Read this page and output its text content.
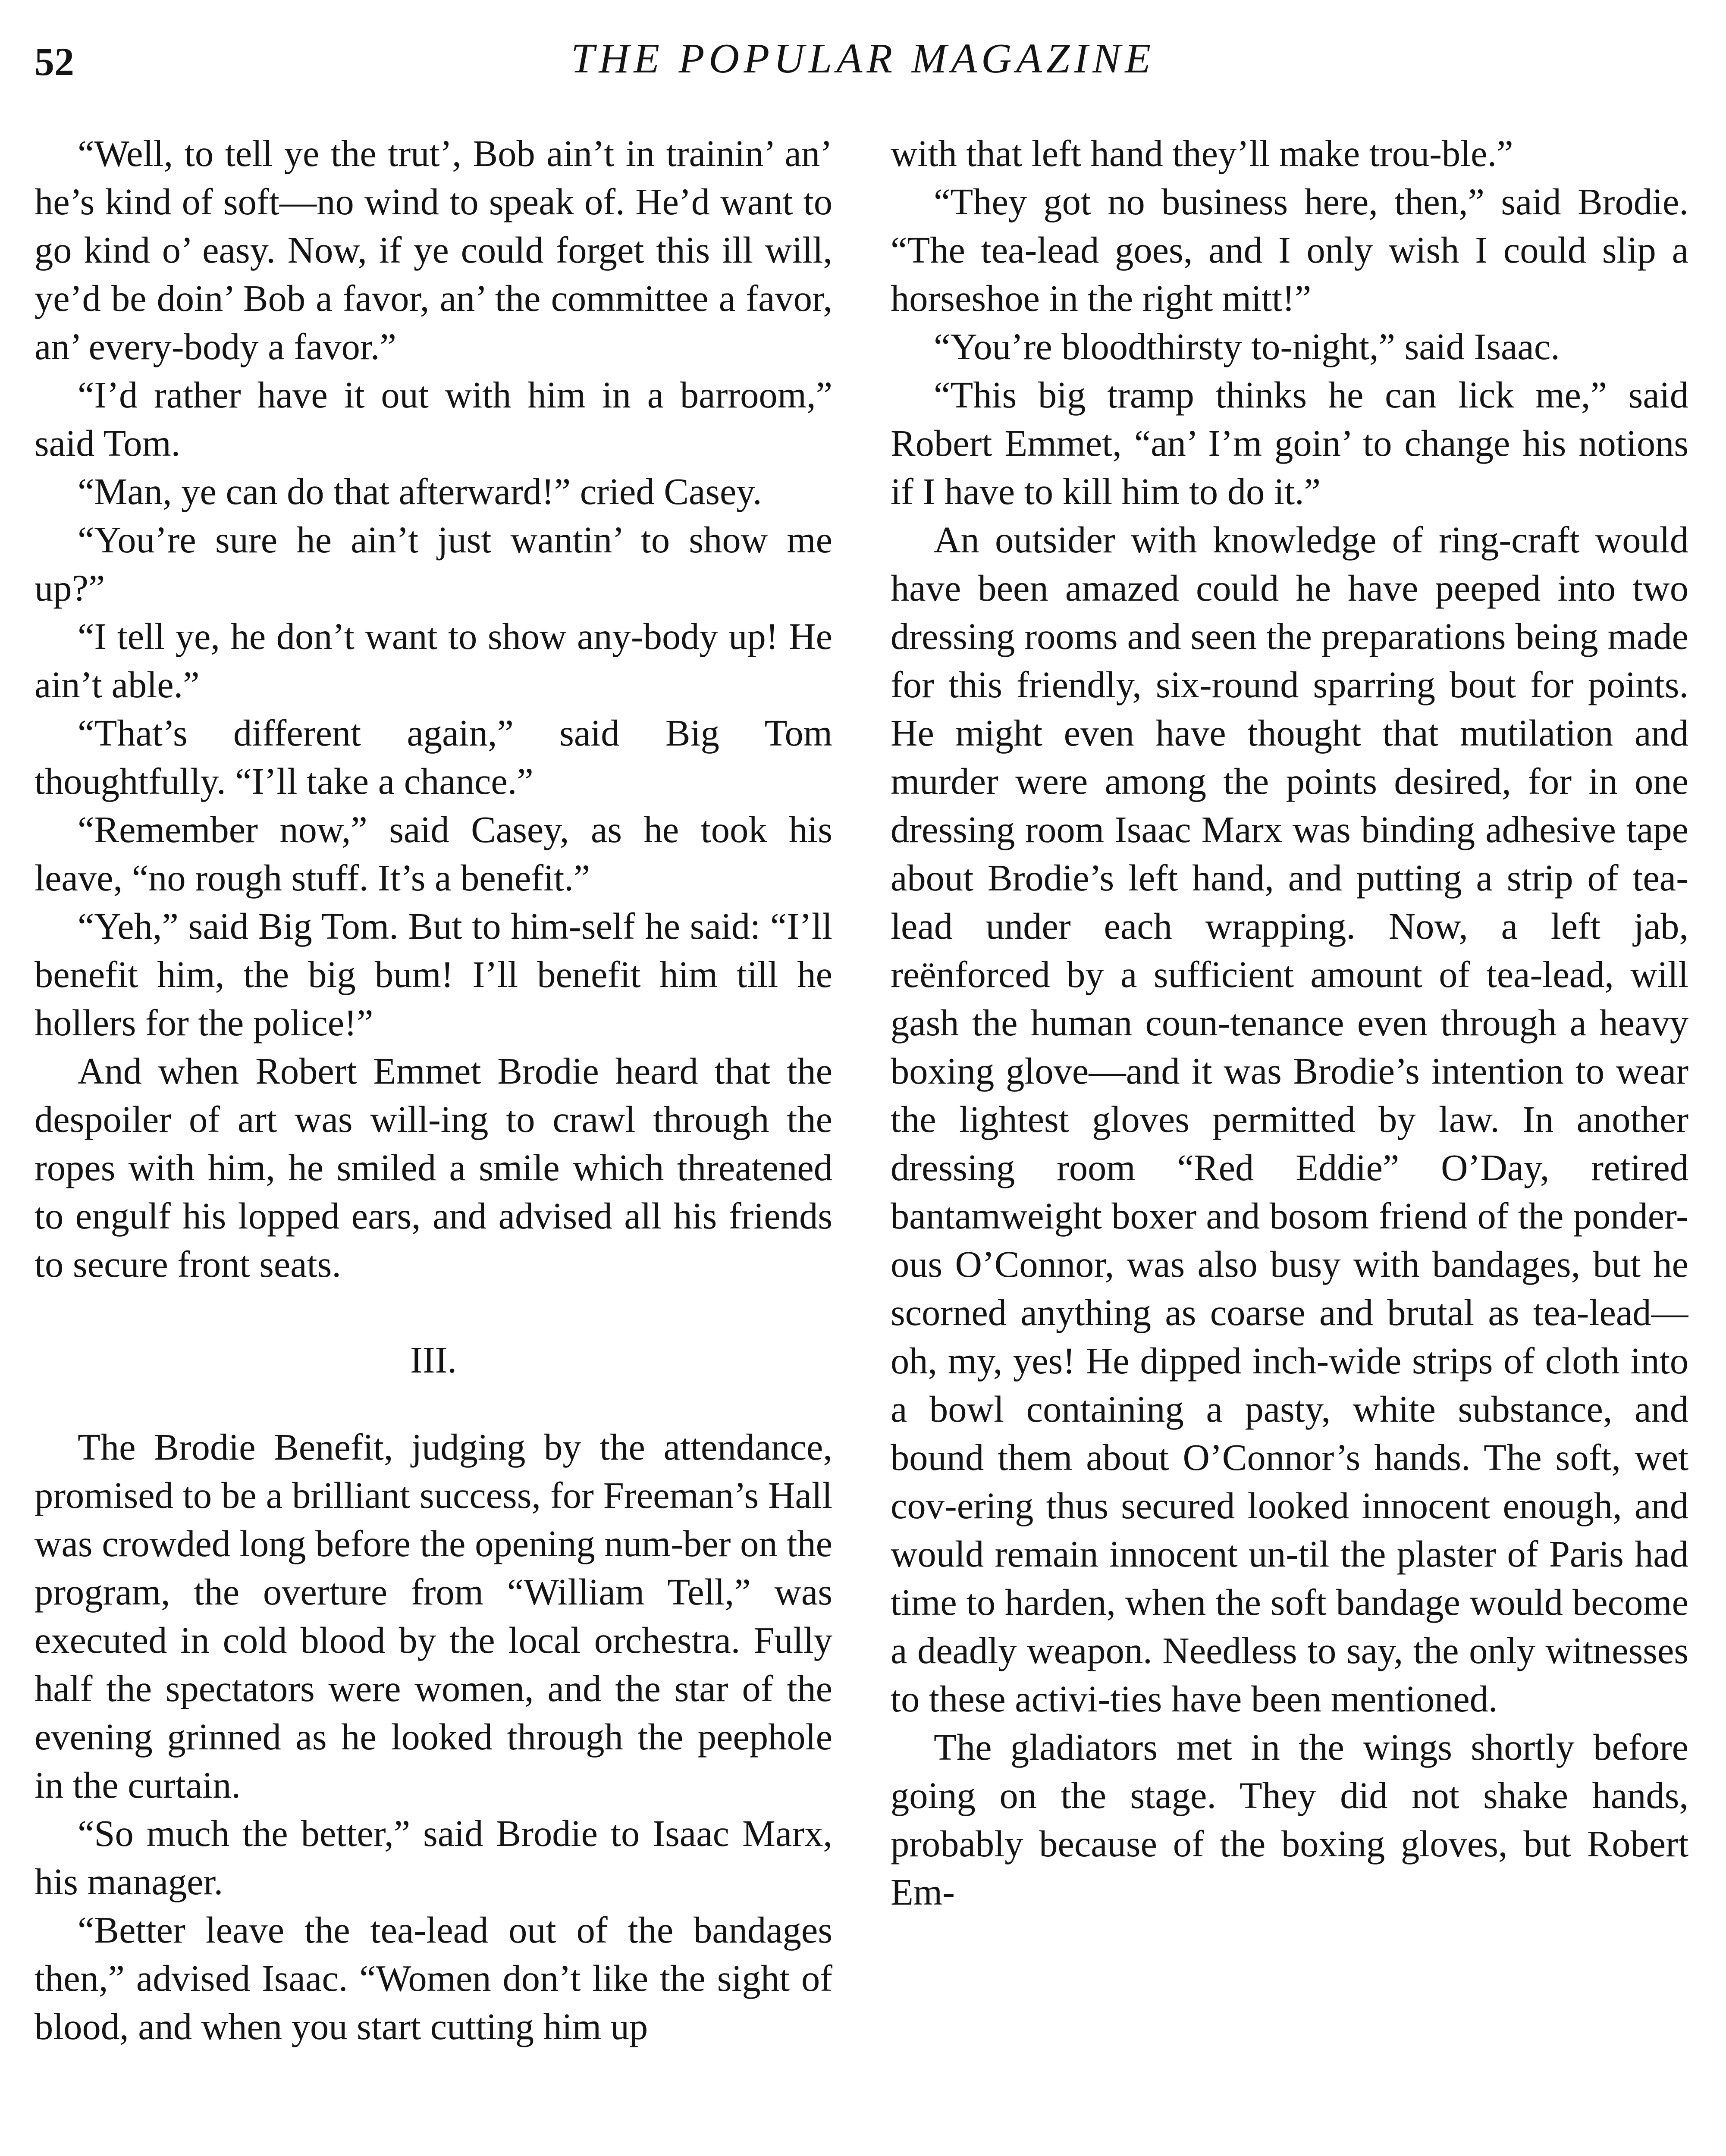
52	THE POPULAR MAGAZINE

“Well, to tell ye the trut’, Bob ain’t in trainin’ an’ he’s kind of soft—no wind to speak of. He’d want to go kind o’ easy. Now, if ye could forget this ill will, ye’d be doin’ Bob a favor, an’ the committee a favor, an’ every-body a favor.”

“I’d rather have it out with him in a barroom,” said Tom.

“Man, ye can do that afterward!” cried Casey.

“You’re sure he ain’t just wantin’ to show me up?”

“I tell ye, he don’t want to show any-body up! He ain’t able.”

“That’s different again,” said Big Tom thoughtfully. “I’ll take a chance.”

“Remember now,” said Casey, as he took his leave, “no rough stuff. It’s a benefit.”

“Yeh,” said Big Tom. But to him-self he said: “I’ll benefit him, the big bum! I’ll benefit him till he hollers for the police!”

And when Robert Emmet Brodie heard that the despoiler of art was will-ing to crawl through the ropes with him, he smiled a smile which threatened to engulf his lopped ears, and advised all his friends to secure front seats.

III.

The Brodie Benefit, judging by the attendance, promised to be a brilliant success, for Freeman’s Hall was crowded long before the opening num-ber on the program, the overture from “William Tell,” was executed in cold blood by the local orchestra. Fully half the spectators were women, and the star of the evening grinned as he looked through the peephole in the curtain.

“So much the better,” said Brodie to Isaac Marx, his manager.

“Better leave the tea-lead out of the bandages then,” advised Isaac. “Women don’t like the sight of blood, and when you start cutting him up

with that left hand they’ll make trou-ble.”

“They got no business here, then,” said Brodie. “The tea-lead goes, and I only wish I could slip a horseshoe in the right mitt!”

“You’re bloodthirsty to-night,” said Isaac.

“This big tramp thinks he can lick me,” said Robert Emmet, “an’ I’m goin’ to change his notions if I have to kill him to do it.”

An outsider with knowledge of ring-craft would have been amazed could he have peeped into two dressing rooms and seen the preparations being made for this friendly, six-round sparring bout for points. He might even have thought that mutilation and murder were among the points desired, for in one dressing room Isaac Marx was binding adhesive tape about Brodie’s left hand, and putting a strip of tea-lead under each wrapping. Now, a left jab, reënforced by a sufficient amount of tea-lead, will gash the human coun-tenance even through a heavy boxing glove—and it was Brodie’s intention to wear the lightest gloves permitted by law. In another dressing room “Red Eddie” O’Day, retired bantamweight boxer and bosom friend of the ponder-ous O’Connor, was also busy with bandages, but he scorned anything as coarse and brutal as tea-lead—oh, my, yes! He dipped inch-wide strips of cloth into a bowl containing a pasty, white substance, and bound them about O’Connor’s hands. The soft, wet cov-ering thus secured looked innocent enough, and would remain innocent un-til the plaster of Paris had time to harden, when the soft bandage would become a deadly weapon. Needless to say, the only witnesses to these activi-ties have been mentioned.

The gladiators met in the wings shortly before going on the stage. They did not shake hands, probably because of the boxing gloves, but Robert Em-
